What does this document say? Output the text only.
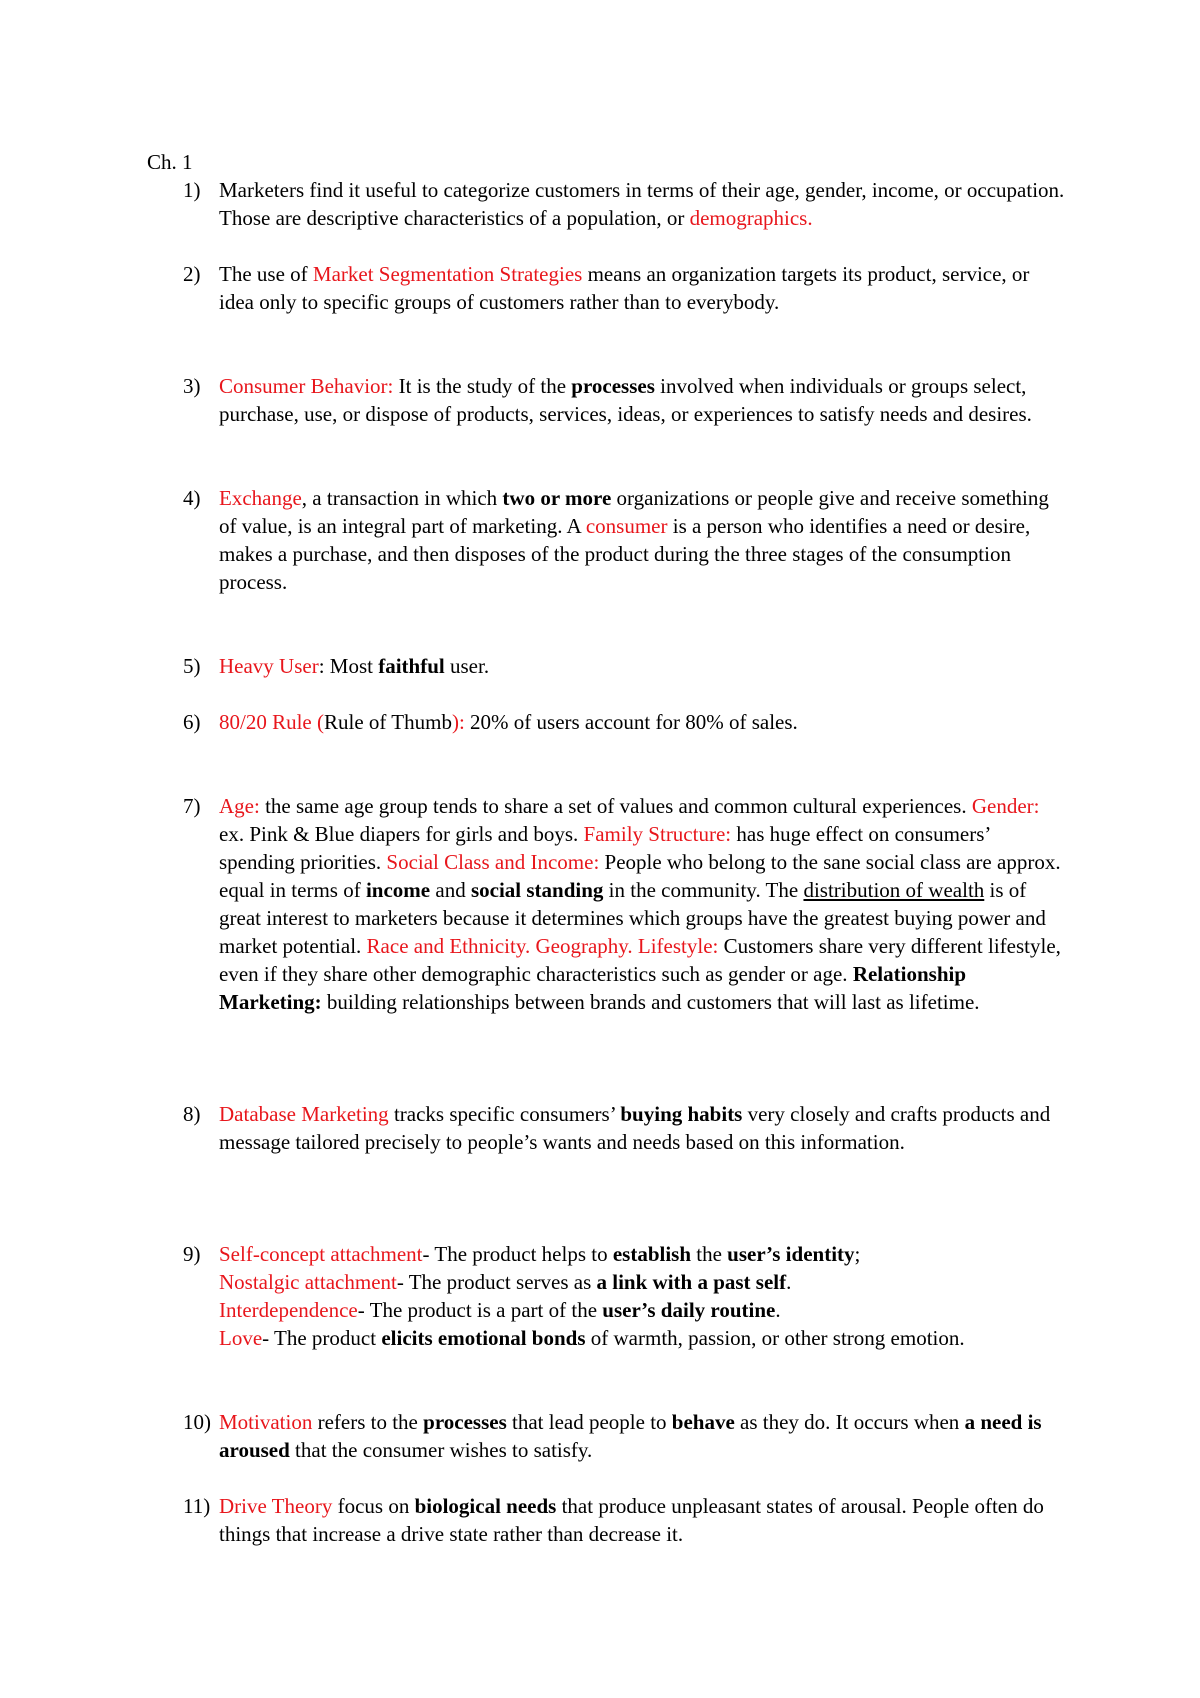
Ch. 1
1) Marketers find it useful to categorize customers in terms of their age, gender, income, or occupation. Those are descriptive characteristics of a population, or demographics.
2) The use of Market Segmentation Strategies means an organization targets its product, service, or idea only to specific groups of customers rather than to everybody.
3) Consumer Behavior: It is the study of the processes involved when individuals or groups select, purchase, use, or dispose of products, services, ideas, or experiences to satisfy needs and desires.
4) Exchange, a transaction in which two or more organizations or people give and receive something of value, is an integral part of marketing. A consumer is a person who identifies a need or desire, makes a purchase, and then disposes of the product during the three stages of the consumption process.
5) Heavy User: Most faithful user.
6) 80/20 Rule (Rule of Thumb): 20% of users account for 80% of sales.
7) Age: the same age group tends to share a set of values and common cultural experiences. Gender: ex. Pink & Blue diapers for girls and boys. Family Structure: has huge effect on consumers’ spending priorities. Social Class and Income: People who belong to the sane social class are approx. equal in terms of income and social standing in the community. The distribution of wealth is of great interest to marketers because it determines which groups have the greatest buying power and market potential. Race and Ethnicity. Geography. Lifestyle: Customers share very different lifestyle, even if they share other demographic characteristics such as gender or age. Relationship Marketing: building relationships between brands and customers that will last as lifetime.
8) Database Marketing tracks specific consumers’ buying habits very closely and crafts products and message tailored precisely to people’s wants and needs based on this information.
9) Self-concept attachment- The product helps to establish the user’s identity;
Nostalgic attachment- The product serves as a link with a past self.
Interdependence- The product is a part of the user’s daily routine.
Love- The product elicits emotional bonds of warmth, passion, or other strong emotion.
10) Motivation refers to the processes that lead people to behave as they do. It occurs when a need is aroused that the consumer wishes to satisfy.
11) Drive Theory focus on biological needs that produce unpleasant states of arousal. People often do things that increase a drive state rather than decrease it.
